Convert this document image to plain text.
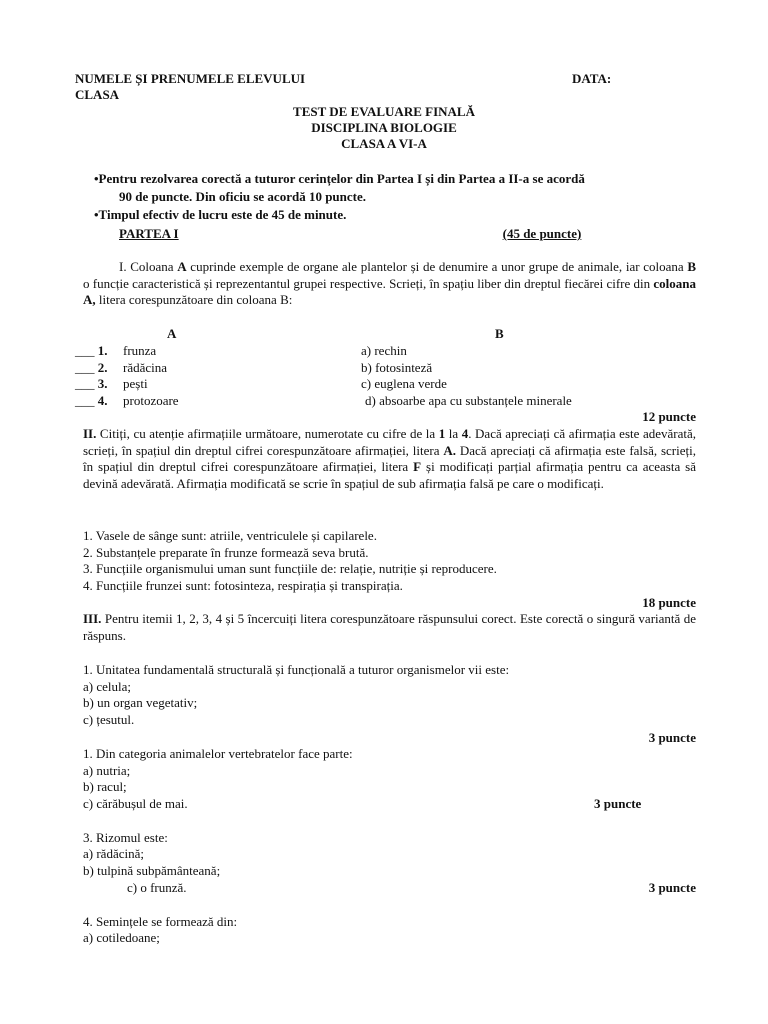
NUMELE ȘI PRENUMELE ELEVULUI	DATA:
CLASA
TEST DE EVALUARE FINALĂ
DISCIPLINA BIOLOGIE
CLASA A VI-A
•Pentru rezolvarea corectă a tuturor cerințelor din Partea I și din Partea a II-a se acordă
90 de puncte. Din oficiu se acordă 10 puncte.
•Timpul efectiv de lucru este de 45 de minute.
PARTEA I	(45 de puncte)
I. Coloana A cuprinde exemple de organe ale plantelor și de denumire a unor grupe de animale, iar coloana B o funcție caracteristică și reprezentantul grupei respective. Scrieți, în spațiu liber din dreptul fiecărei cifre din coloana A, litera corespunzătoare din coloana B:
A	B
___ 1. frunza	a) rechin
___ 2. rădăcina	b) fotosinteză
___ 3. pești	c) euglena verde
___ 4. protozoare	d) absoarbe apa cu substanțele minerale
12 puncte
II. Citiți, cu atenție afirmațiile următoare, numerotate cu cifre de la 1 la 4. Dacă apreciați că afirmația este adevărată, scrieți, în spațiul din dreptul cifrei corespunzătoare afirmației, litera A. Dacă apreciați că afirmația este falsă, scrieți, în spațiul din dreptul cifrei corespunzătoare afirmației, litera F și modificați parțial afirmația pentru ca aceasta să devină adevărată. Afirmația modificată se scrie în spațiul de sub afirmația falsă pe care o modificați.
1. Vasele de sânge sunt: atriile, ventriculele și capilarele.
2. Substanțele preparate în frunze formează seva brută.
3. Funcțiile organismului uman sunt funcțiile de: relație, nutriție și reproducere.
4. Funcțiile frunzei sunt: fotosinteza, respirația și transpirația.
18 puncte
III. Pentru itemii 1, 2, 3, 4 și 5 încercuiți litera corespunzătoare răspunsului corect. Este corectă o singură variantă de răspuns.
1. Unitatea fundamentală structurală și funcțională a tuturor organismelor vii este:
a) celula;
b) un organ vegetativ;
c) țesutul.
3 puncte
1. Din categoria animalelor vertebratelor face parte:
a) nutria;
b) racul;
c) cărăbușul de mai.	3 puncte
3. Rizomul este:
a) rădăcină;
b) tulpină subpământeană;
c) o frunză.	3 puncte
4. Semințele se formează din:
a) cotiledoane;
